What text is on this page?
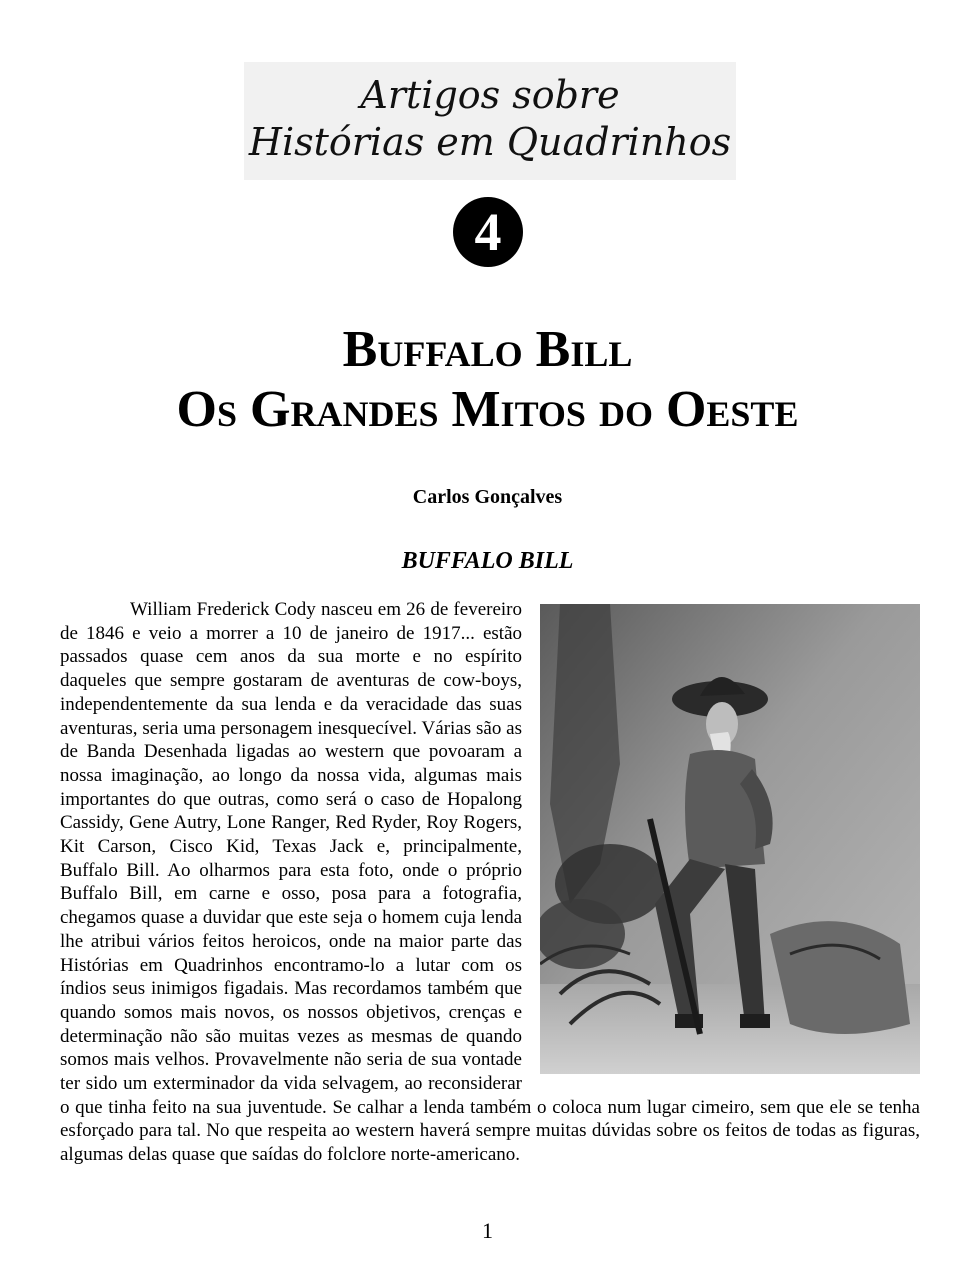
Artigos sobre
Histórias em Quadrinhos
4
Buffalo Bill
Os Grandes Mitos do Oeste
Carlos Gonçalves
BUFFALO BILL
William Frederick Cody nasceu em 26 de fevereiro de 1846 e veio a morrer a 10 de janeiro de 1917... estão passados quase cem anos da sua morte e no espírito daqueles que sempre gostaram de aventuras de cow-boys, independentemente da sua lenda e da veracidade das suas aventuras, seria uma personagem inesquecível. Várias são as de Banda Desenhada ligadas ao western que povoaram a nossa imaginação, ao longo da nossa vida, algumas mais importantes do que outras, como será o caso de Hopalong Cassidy, Gene Autry, Lone Ranger, Red Ryder, Roy Rogers, Kit Carson, Cisco Kid, Texas Jack e, principalmente, Buffalo Bill. Ao olharmos para esta foto, onde o próprio Buffalo Bill, em carne e osso, posa para a fotografia, chegamos quase a duvidar que este seja o homem cuja lenda lhe atribui vários feitos heroicos, onde na maior parte das Histórias em Quadrinhos encontramo-lo a lutar com os índios seus inimigos figadais. Mas recordamos também que quando somos mais novos, os nossos objetivos, crenças e determinação não são muitas vezes as mesmas de quando somos mais velhos. Provavelmente não seria de sua vontade ter sido um exterminador da vida selvagem, ao reconsiderar o que tinha feito na sua juventude. Se calhar a lenda também o coloca num lugar cimeiro, sem que ele se tenha esforçado para tal. No que respeita ao western haverá sempre muitas dúvidas sobre os feitos de todas as figuras, algumas delas quase que saídas do folclore norte-americano.
1
